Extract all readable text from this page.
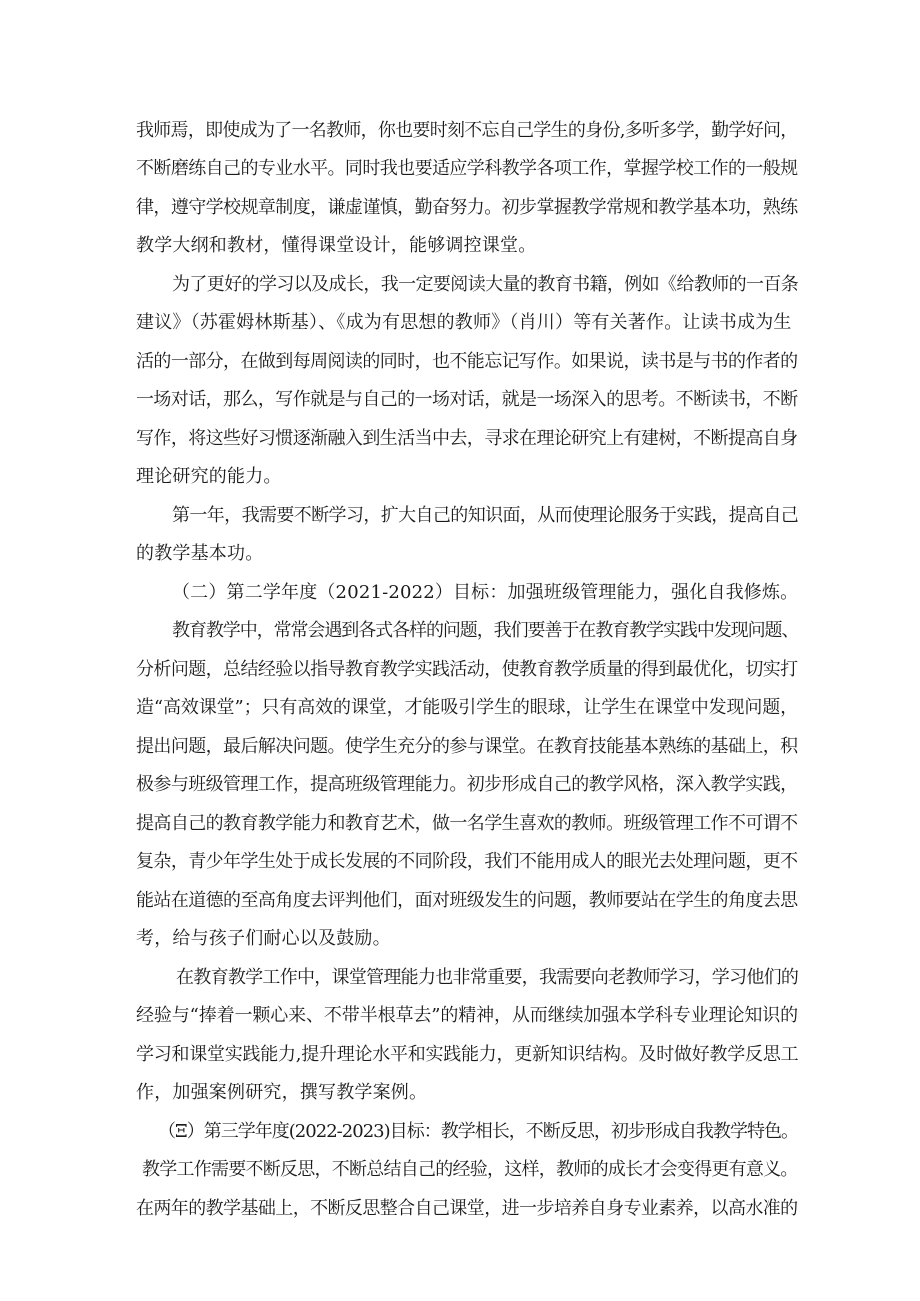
我师焉，即使成为了一名教师，你也要时刻不忘自己学生的身份,多听多学，勤学好问，
不断磨练自己的专业水平。同时我也要适应学科教学各项工作，掌握学校工作的一般规
律，遵守学校规章制度，谦虚谨慎，勤奋努力。初步掌握教学常规和教学基本功，熟练
教学大纲和教材，懂得课堂设计，能够调控课堂。
为了更好的学习以及成长，我一定要阅读大量的教育书籍，例如《给教师的一百条
建议》（苏霍姆林斯基）、《成为有思想的教师》（肖川）等有关著作。让读书成为生
活的一部分，在做到每周阅读的同时，也不能忘记写作。如果说，读书是与书的作者的
一场对话，那么，写作就是与自己的一场对话，就是一场深入的思考。不断读书，不断
写作，将这些好习惯逐渐融入到生活当中去，寻求在理论研究上有建树，不断提高自身
理论研究的能力。
第一年，我需要不断学习，扩大自己的知识面，从而使理论服务于实践，提高自己
的教学基本功。
（二）第二学年度（2021-2022）目标：加强班级管理能力，强化自我修炼。
教育教学中，常常会遇到各式各样的问题，我们要善于在教育教学实践中发现问题、
分析问题，总结经验以指导教育教学实践活动，使教育教学质量的得到最优化，切实打
造“高效课堂”；只有高效的课堂，才能吸引学生的眼球，让学生在课堂中发现问题，
提出问题，最后解决问题。使学生充分的参与课堂。在教育技能基本熟练的基础上，积
极参与班级管理工作，提高班级管理能力。初步形成自己的教学风格，深入教学实践，
提高自己的教育教学能力和教育艺术，做一名学生喜欢的教师。班级管理工作不可谓不
复杂，青少年学生处于成长发展的不同阶段，我们不能用成人的眼光去处理问题，更不
能站在道德的至高角度去评判他们，面对班级发生的问题，教师要站在学生的角度去思
考，给与孩子们耐心以及鼓励。
在教育教学工作中，课堂管理能力也非常重要，我需要向老教师学习，学习他们的
经验与“捧着一颗心来、不带半根草去”的精神，从而继续加强本学科专业理论知识的
学习和课堂实践能力,提升理论水平和实践能力，更新知识结构。及时做好教学反思工
作，加强案例研究，撰写教学案例。
（Ξ）第三学年度(2022-2023)目标：教学相长，不断反思，初步形成自我教学特色。
教学工作需要不断反思，不断总结自己的经验，这样，教师的成长才会变得更有意义。
在两年的教学基础上，不断反思整合自己课堂，进一步培养自身专业素养，以高水准的
